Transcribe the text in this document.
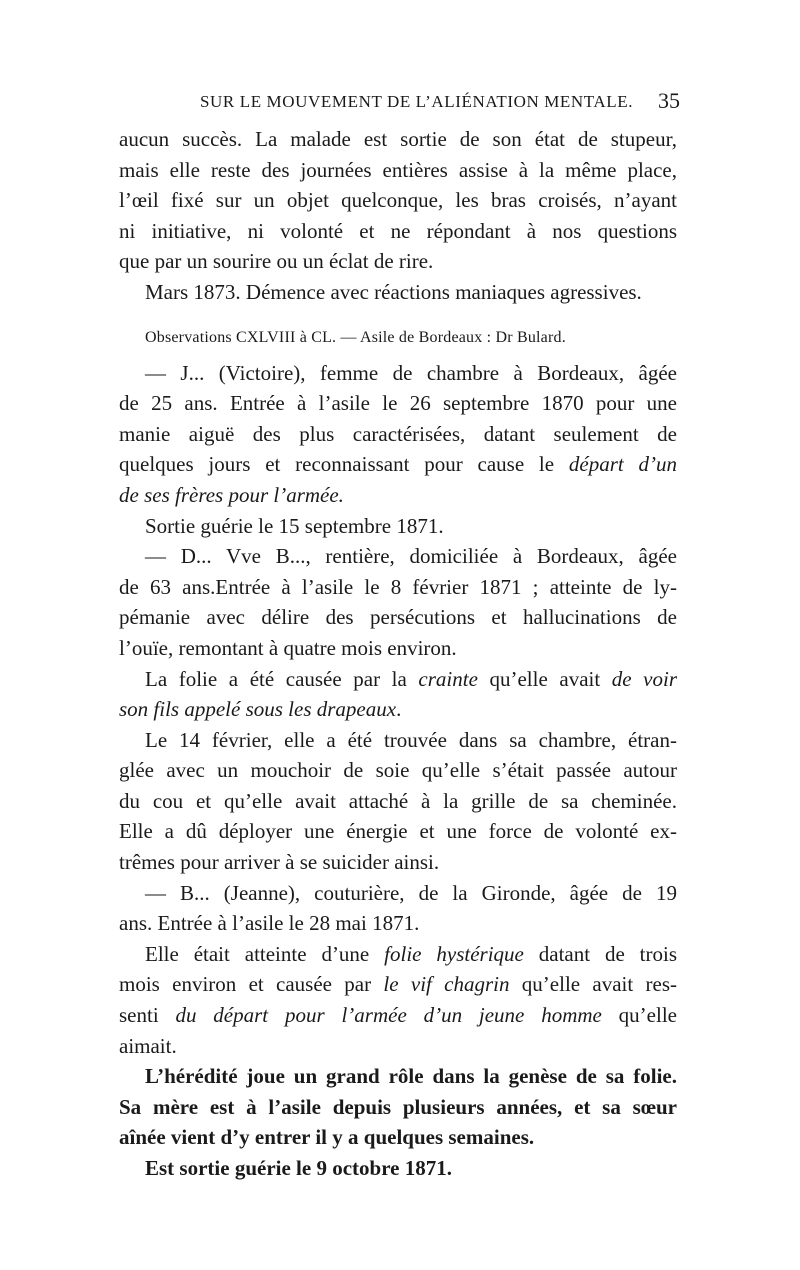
SUR LE MOUVEMENT DE L’ALIÉNATION MENTALE. 35
aucun succès. La malade est sortie de son état de stupeur,
mais elle reste des journées entières assise à la même place,
l’œil fixé sur un objet quelconque, les bras croisés, n’ayant
ni initiative, ni volonté et ne répondant à nos questions
que par un sourire ou un éclat de rire.
Mars 1873. Démence avec réactions maniaques agressives.
Observations CXLVIII à CL. — Asile de Bordeaux : Dr Bulard.
— J... (Victoire), femme de chambre à Bordeaux, âgée
de 25 ans. Entrée à l’asile le 26 septembre 1870 pour une
manie aiguë des plus caractérisées, datant seulement de
quelques jours et reconnaissant pour cause le départ d’un
de ses frères pour l’armée.
Sortie guérie le 15 septembre 1871.
— D... Vve B..., rentière, domiciliée à Bordeaux, âgée
de 63 ans.Entrée à l’asile le 8 février 1871 ; atteinte de ly-
pémanie avec délire des persécutions et hallucinations de
l’ouïe, remontant à quatre mois environ.
La folie a été causée par la crainte qu’elle avait de voir
son fils appelé sous les drapeaux.
Le 14 février, elle a été trouvée dans sa chambre, étran-
glée avec un mouchoir de soie qu’elle s’était passée autour
du cou et qu’elle avait attaché à la grille de sa cheminée.
Elle a dû déployer une énergie et une force de volonté ex-
trêmes pour arriver à se suicider ainsi.
— B... (Jeanne), couturière, de la Gironde, âgée de 19
ans. Entrée à l’asile le 28 mai 1871.
Elle était atteinte d’une folie hystérique datant de trois
mois environ et causée par le vif chagrin qu’elle avait res-
senti du départ pour l’armée d’un jeune homme qu’elle
aimait.
L’hérédité joue un grand rôle dans la genèse de sa folie.
Sa mère est à l’asile depuis plusieurs années, et sa sœur
aînée vient d’y entrer il y a quelques semaines.
Est sortie guérie le 9 octobre 1871.
